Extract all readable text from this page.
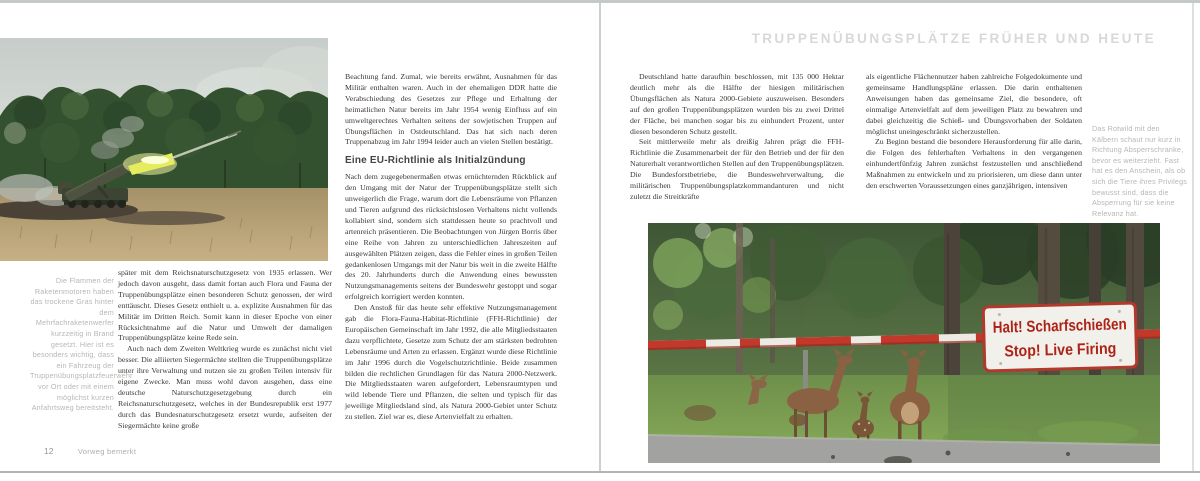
TRUPPENÜBUNGSPLÄTZE FRÜHER UND HEUTE
Die Flammen der Raketenmotoren haben das trockene Gras hinter dem Mehrfachraketenwerfer kurzzeitig in Brand gesetzt. Hier ist es besonders wichtig, dass ein Fahrzeug der Truppenübungsplatzfeuerwehr vor Ort oder mit einem möglichst kurzen Anfahrtsweg bereitsteht.

später mit dem Reichsnaturschutzgesetz von 1935 erlassen. Wer jedoch davon ausgeht, dass damit fortan auch Flora und Fauna der Truppenübungsplätze einen besonderen Schutz genossen, der wird enttäuscht. Dieses Gesetz enthielt u. a. explizite Ausnahmen für das Militär im Dritten Reich. Somit kann in dieser Epoche von einer Rücksichtnahme auf die Natur und Umwelt der damaligen Truppenübungsplätze keine Rede sein.

Auch nach dem Zweiten Weltkrieg wurde es zunächst nicht viel besser. Die alliierten Siegermächte stellten die Truppenübungsplätze unter ihre Verwaltung und nutzen sie zu großen Teilen intensiv für eigene Zwecke. Man muss wohl davon ausgehen, dass eine deutsche Naturschutzgesetzgebung durch ein Reichsnaturschutzgesetz, welches in der Bundesrepublik erst 1977 durch das Bundesnaturschutzgesetz ersetzt wurde, aufseiten der Siegermächte keine große

Beachtung fand. Zumal, wie bereits erwähnt, Ausnahmen für das Militär enthalten waren. Auch in der ehemaligen DDR hatte die Verabschiedung des Gesetzes zur Pflege und Erhaltung der heimatlichen Natur bereits im Jahr 1954 wenig Einfluss auf ein umweltgerechtes Verhalten seitens der sowjetischen Truppen auf Übungsflächen in Ostdeutschland. Das hat sich nach deren Truppenabzug im Jahr 1994 leider auch an vielen Stellen bestätigt.

Eine EU-Richtlinie als Initialzündung

Nach dem zugegebenermaßen etwas ernüchternden Rückblick auf den Umgang mit der Natur der Truppenübungsplätze stellt sich unweigerlich die Frage, warum dort die Lebensräume von Pflanzen und Tieren aufgrund des rücksichtslosen Verhaltens nicht vollends kollabiert sind, sondern sich stattdessen heute so prachtvoll und artenreich präsentieren. Die Beobachtungen von Jürgen Borris über eine Reihe von Jahren zu unterschiedlichen Jahreszeiten auf ausgewählten Plätzen zeigen, dass die Fehler eines in großen Teilen gedankenlosen Umgangs mit der Natur bis weit in die zweite Hälfte des 20. Jahrhunderts durch die Anwendung eines bewussten Nutzungsmanagements seitens der Bundeswehr gestoppt und sogar erfolgreich korrigiert werden konnten.

Den Anstoß für das heute sehr effektive Nutzungsmanagement gab die Flora-Fauna-Habitat-Richtlinie (FFH-Richtlinie) der Europäischen Gemeinschaft im Jahr 1992, die alle Mitgliedsstaaten dazu verpflichtete, Gesetze zum Schutz der am stärksten bedrohten Lebensräume und Arten zu erlassen. Ergänzt wurde diese Richtlinie im Jahr 1996 durch die Vogelschutzrichtlinie. Beide zusammen bilden die rechtlichen Grundlagen für das Natura 2000-Netzwerk. Die Mitgliedsstaaten waren aufgefordert, Lebensraumtypen und wild lebende Tiere und Pflanzen, die selten und typisch für das jeweilige Mitgliedsland sind, als Natura 2000-Gebiet unter Schutz zu stellen. Ziel war es, diese Artenvielfalt zu erhalten.

12	Vorweg bemerkt

Deutschland hatte daraufhin beschlossen, mit 135 000 Hektar deutlich mehr als die Hälfte der hiesigen militärischen Übungsflächen als Natura 2000-Gebiete auszuweisen. Besonders auf den großen Truppenübungsplätzen wurden bis zu zwei Drittel der Fläche, bei manchen sogar bis zu einhundert Prozent, unter diesen besonderen Schutz gestellt.

Seit mittlerweile mehr als dreißig Jahren prägt die FFH-Richtlinie die Zusammenarbeit der für den Betrieb und der für den Naturerhalt verantwortlichen Stellen auf den Truppenübungsplätzen. Die Bundesforstbetriebe, die Bundeswehrverwaltung, die militärischen Truppenübungsplatzkommandanturen und nicht zuletzt die Streitkräfte

als eigentliche Flächennutzer haben zahlreiche Folgedokumente und gemeinsame Handlungspläne erlassen. Die darin enthaltenen Anweisungen haben das gemeinsame Ziel, die besondere, oft einmalige Artenvielfalt auf dem jeweiligen Platz zu bewahren und dabei gleichzeitig die Schieß- und Übungsvorhaben der Soldaten möglichst uneingeschränkt sicherzustellen.

Zu Beginn bestand die besondere Herausforderung für alle darin, die Folgen des fehlerhaften Verhaltens in den vergangenen einhundertfünfzig Jahren zunächst festzustellen und anschließend Maßnahmen zu entwickeln und zu priorisieren, um diese dann unter den erschwerten Voraussetzungen eines ganzjährigen, intensiven

Das Rotwild mit den Kälbern schaut nur kurz in Richtung Absperrschranke, bevor es weiterzieht. Fast hat es den Anschein, als ob sich die Tiere ihres Privilegs bewusst sind, dass die Absperrung für sie keine Relevanz hat.
Halt! Scharfschießen
Stop! Live Firing
